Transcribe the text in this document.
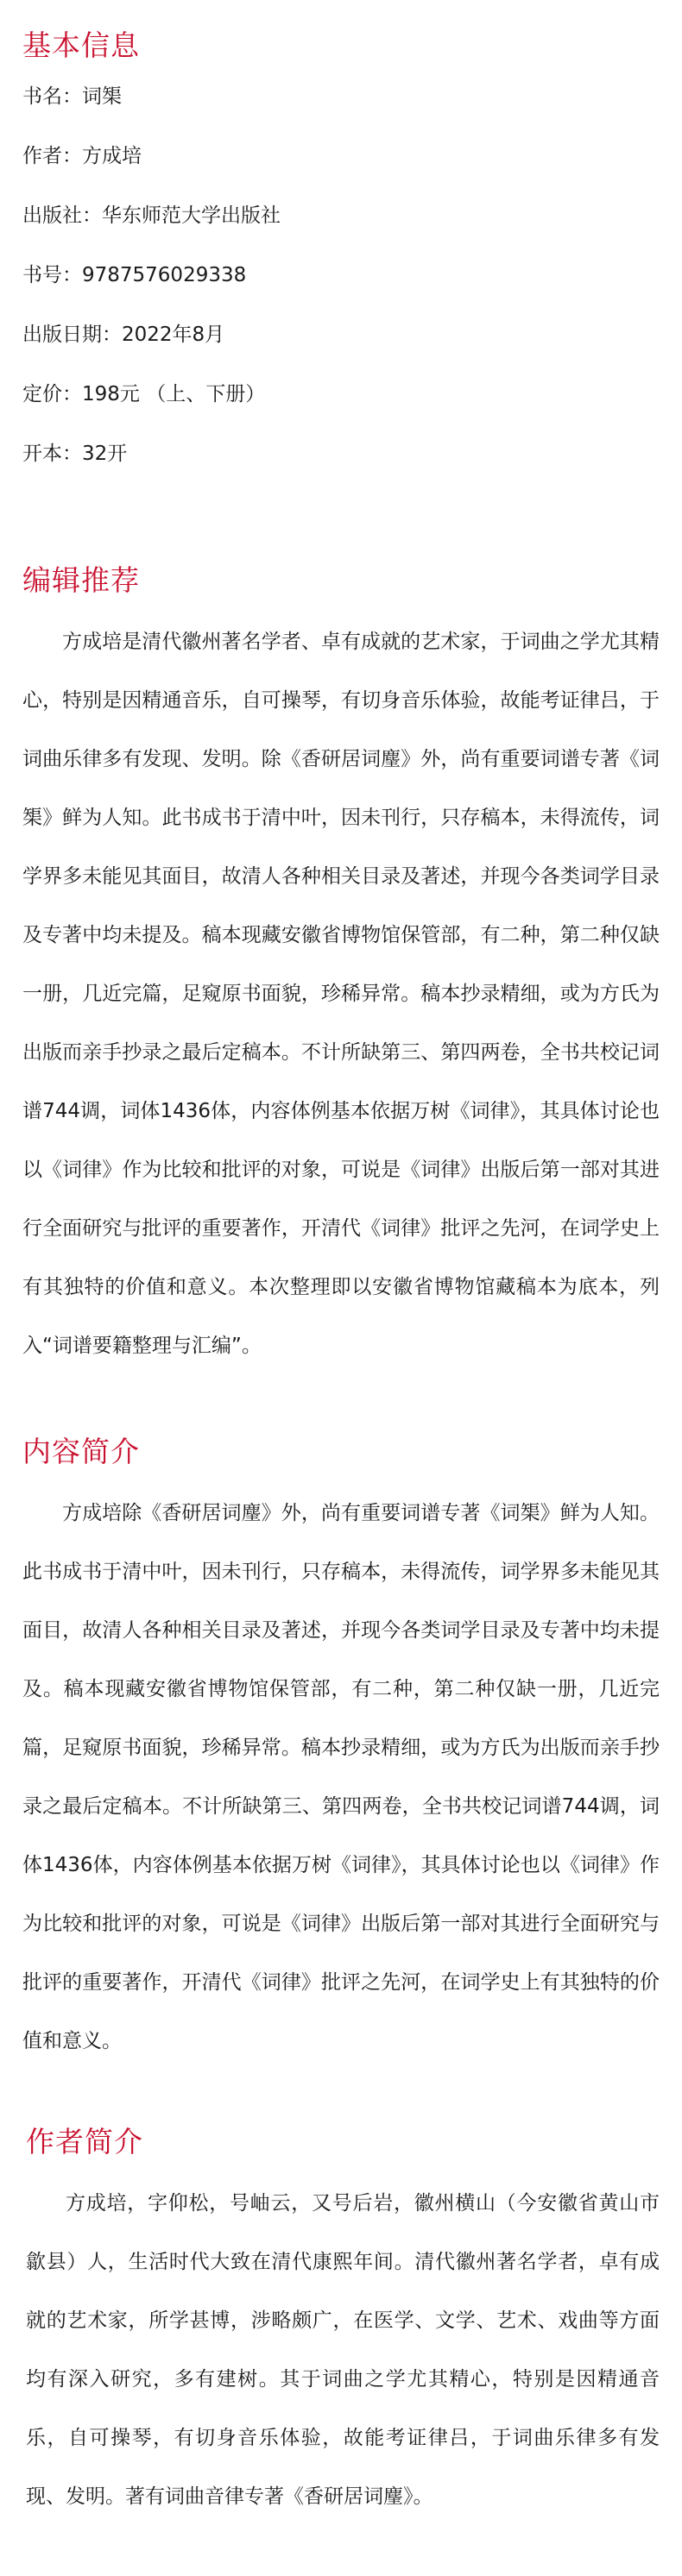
基本信息

书名：词榘

作者：方成培

出版社：华东师范大学出版社

书号：9787576029338

出版日期：2022年8月

定价：198元 （上、下册）

开本：32开

编辑推荐

方成培是清代徽州著名学者、卓有成就的艺术家，于词曲之学尤其精心，特别是因精通音乐，自可操琴，有切身音乐体验，故能考证律吕，于词曲乐律多有发现、发明。除《香研居词麈》外，尚有重要词谱专著《词榘》鲜为人知。此书成书于清中叶，因未刊行，只存稿本，未得流传，词学界多未能见其面目，故清人各种相关目录及著述，并现今各类词学目录及专著中均未提及。稿本现藏安徽省博物馆保管部，有二种，第二种仅缺一册，几近完篇，足窥原书面貌，珍稀异常。稿本抄录精细，或为方氏为出版而亲手抄录之最后定稿本。不计所缺第三、第四两卷，全书共校记词谱744调，词体1436体，内容体例基本依据万树《词律》，其具体讨论也以《词律》作为比较和批评的对象，可说是《词律》出版后第一部对其进行全面研究与批评的重要著作，开清代《词律》批评之先河，在词学史上有其独特的价值和意义。本次整理即以安徽省博物馆藏稿本为底本，列入“词谱要籍整理与汇编”。

内容简介

方成培除《香研居词麈》外，尚有重要词谱专著《词榘》鲜为人知。此书成书于清中叶，因未刊行，只存稿本，未得流传，词学界多未能见其面目，故清人各种相关目录及著述，并现今各类词学目录及专著中均未提及。稿本现藏安徽省博物馆保管部，有二种，第二种仅缺一册，几近完篇，足窥原书面貌，珍稀异常。稿本抄录精细，或为方氏为出版而亲手抄录之最后定稿本。不计所缺第三、第四两卷，全书共校记词谱744调，词体1436体，内容体例基本依据万树《词律》，其具体讨论也以《词律》作为比较和批评的对象，可说是《词律》出版后第一部对其进行全面研究与批评的重要著作，开清代《词律》批评之先河，在词学史上有其独特的价值和意义。

作者简介

方成培，字仰松，号岫云，又号后岩，徽州横山（今安徽省黄山市歙县）人，生活时代大致在清代康熙年间。清代徽州著名学者，卓有成就的艺术家，所学甚博，涉略颇广，在医学、文学、艺术、戏曲等方面均有深入研究，多有建树。其于词曲之学尤其精心，特别是因精通音乐，自可操琴，有切身音乐体验，故能考证律吕，于词曲乐律多有发现、发明。著有词曲音律专著《香研居词麈》。
